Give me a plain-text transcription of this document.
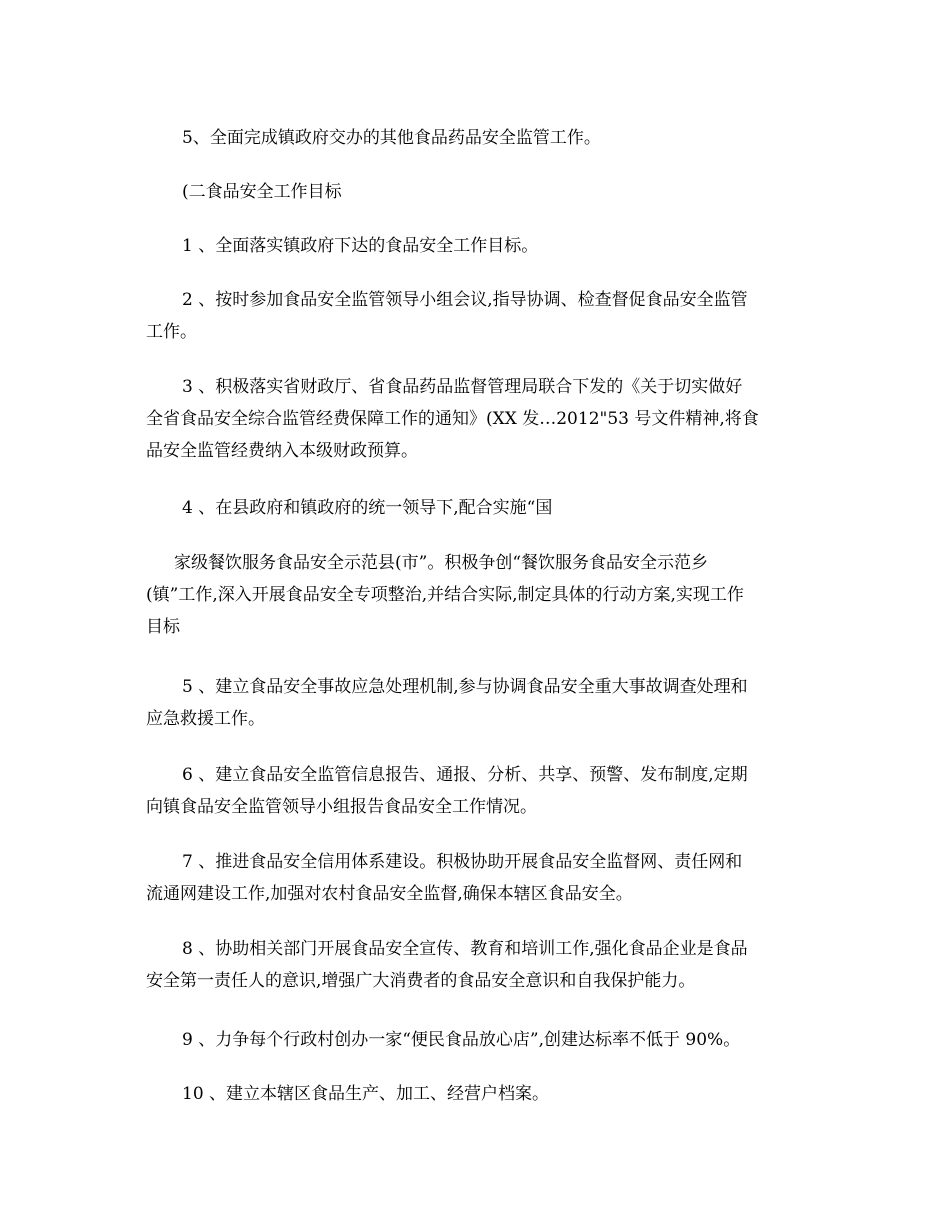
5、全面完成镇政府交办的其他食品药品安全监管工作。

(二食品安全工作目标

1 、全面落实镇政府下达的食品安全工作目标。

2 、按时参加食品安全监管领导小组会议,指导协调、检查督促食品安全监管
工作。

3 、积极落实省财政厅、省食品药品监督管理局联合下发的《关于切实做好
全省食品安全综合监管经费保障工作的通知》(XX 发…2012"53 号文件精神,将食
品安全监管经费纳入本级财政预算。

4 、在县政府和镇政府的统一领导下,配合实施“国

家级餐饮服务食品安全示范县(市”。积极争创“餐饮服务食品安全示范乡
(镇”工作,深入开展食品安全专项整治,并结合实际,制定具体的行动方案,实现工作
目标

5 、建立食品安全事故应急处理机制,参与协调食品安全重大事故调查处理和
应急救援工作。

6 、建立食品安全监管信息报告、通报、分析、共享、预警、发布制度,定期
向镇食品安全监管领导小组报告食品安全工作情况。

7 、推进食品安全信用体系建设。积极协助开展食品安全监督网、责任网和
流通网建设工作,加强对农村食品安全监督,确保本辖区食品安全。

8 、协助相关部门开展食品安全宣传、教育和培训工作,强化食品企业是食品
安全第一责任人的意识,增强广大消费者的食品安全意识和自我保护能力。

9 、力争每个行政村创办一家“便民食品放心店”,创建达标率不低于 90%。

10 、建立本辖区食品生产、加工、经营户档案。
